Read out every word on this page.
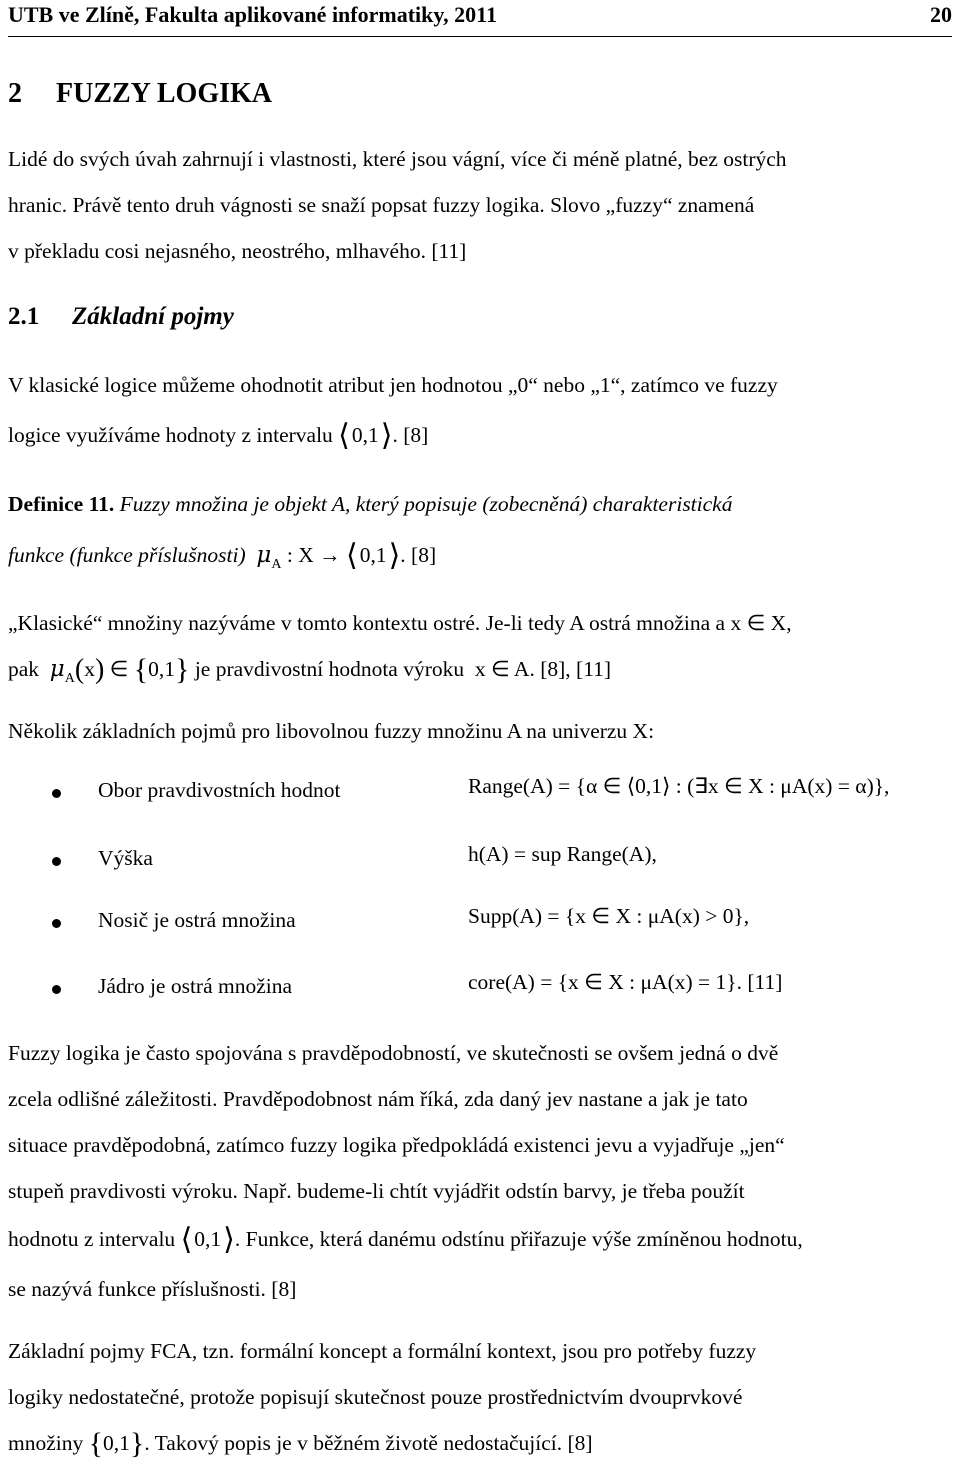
UTB ve Zlíně, Fakulta aplikované informatiky, 2011	20
2 FUZZY LOGIKA
Lidé do svých úvah zahrnují i vlastnosti, které jsou vágní, více či méně platné, bez ostrých
hranic. Právě tento druh vágnosti se snaží popsat fuzzy logika. Slovo „fuzzy“ znamená
v překladu cosi nejasného, neostrého, mlhavého. [11]
2.1 Základní pojmy
V klasické logice můžeme ohodnotit atribut jen hodnotou „0“ nebo „1“, zatímco ve fuzzy
logice využíváme hodnoty z intervalu ⟨0,1⟩. [8]
Definice 11. Fuzzy množina je objekt A, který popisuje (zobecněná) charakteristická
funkce (funkce příslušnosti) $\mu_A$ : X → ⟨0,1⟩. [8]
„Klasické“ množiny nazýváme v tomto kontextu ostré. Je-li tedy A ostrá množina a x ∈ X,
pak $\mu_A(x)$ ∈ {0,1} je pravdivostní hodnota výroku x ∈ A. [8], [11]
Několik základních pojmů pro libovolnou fuzzy množinu A na univerzu X:
Obor pravdivostních hodnot	Range(A) = {α ∈ ⟨0,1⟩ : (∃x ∈ X : μA(x) = α)},
Výška	h(A) = sup Range(A),
Nosič je ostrá množina	Supp(A) = {x ∈ X : μA(x) > 0},
Jádro je ostrá množina	core(A) = {x ∈ X : μA(x) = 1}. [11]
Fuzzy logika je často spojována s pravděpodobností, ve skutečnosti se ovšem jedná o dvě
zcela odlišné záležitosti. Pravděpodobnost nám říká, zda daný jev nastane a jak je tato
situace pravděpodobná, zatímco fuzzy logika předpokládá existenci jevu a vyjadřuje „jen“
stupeň pravdivosti výroku. Např. budeme-li chtít vyjádřit odstín barvy, je třeba použít
hodnotu z intervalu ⟨0,1⟩. Funkce, která danému odstínu přiřazuje výše zmíněnou hodnotu,
se nazývá funkce příslušnosti. [8]
Základní pojmy FCA, tzn. formální koncept a formální kontext, jsou pro potřeby fuzzy
logiky nedostatečné, protože popisují skutečnost pouze prostřednictvím dvouprvkové
množiny {0,1}. Takový popis je v běžném životě nedostačující. [8]
